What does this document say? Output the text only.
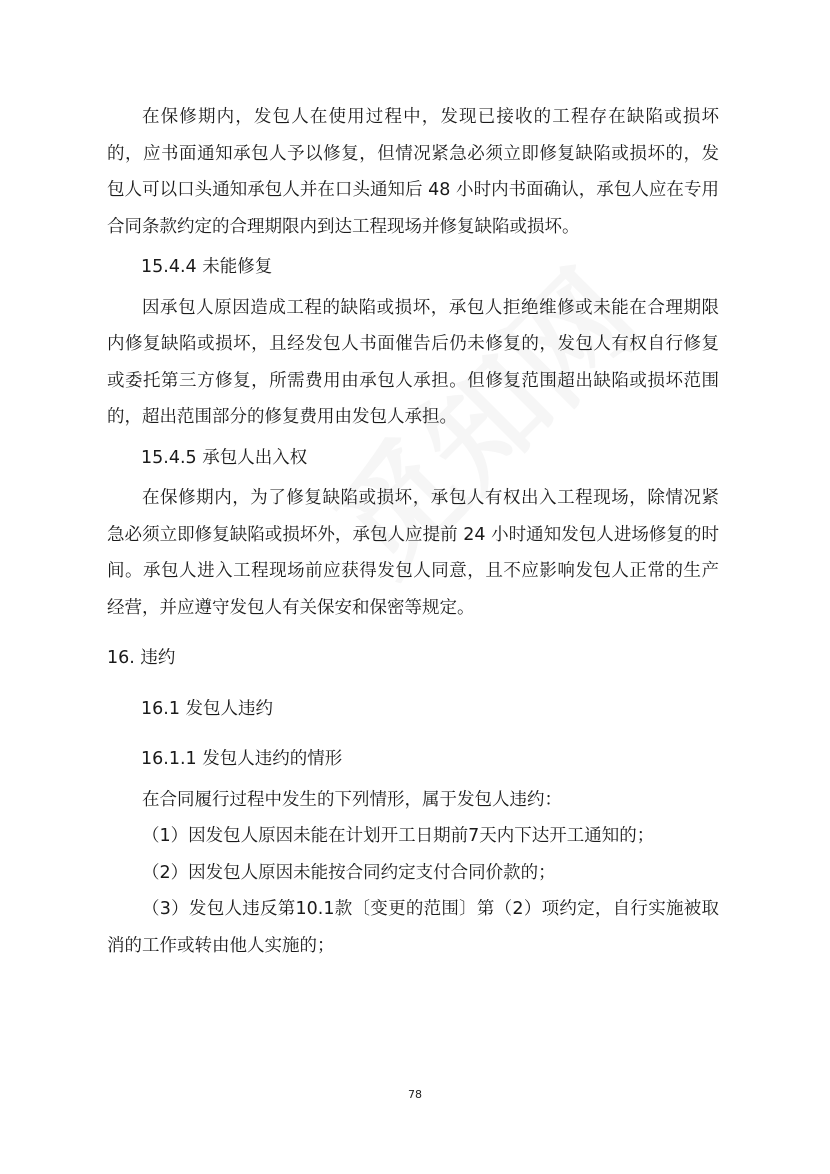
在保修期内，发包人在使用过程中，发现已接收的工程存在缺陷或损坏的，应书面通知承包人予以修复，但情况紧急必须立即修复缺陷或损坏的，发包人可以口头通知承包人并在口头通知后 48 小时内书面确认，承包人应在专用合同条款约定的合理期限内到达工程现场并修复缺陷或损坏。

15.4.4 未能修复

因承包人原因造成工程的缺陷或损坏，承包人拒绝维修或未能在合理期限内修复缺陷或损坏，且经发包人书面催告后仍未修复的，发包人有权自行修复或委托第三方修复，所需费用由承包人承担。但修复范围超出缺陷或损坏范围的，超出范围部分的修复费用由发包人承担。

15.4.5 承包人出入权

在保修期内，为了修复缺陷或损坏，承包人有权出入工程现场，除情况紧急必须立即修复缺陷或损坏外，承包人应提前 24 小时通知发包人进场修复的时间。承包人进入工程现场前应获得发包人同意，且不应影响发包人正常的生产经营，并应遵守发包人有关保安和保密等规定。

16. 违约

16.1 发包人违约

16.1.1 发包人违约的情形

在合同履行过程中发生的下列情形，属于发包人违约：

（1）因发包人原因未能在计划开工日期前7天内下达开工通知的；

（2）因发包人原因未能按合同约定支付合同价款的；

（3）发包人违反第10.1款〔变更的范围〕第（2）项约定，自行实施被取消的工作或转由他人实施的；

78
